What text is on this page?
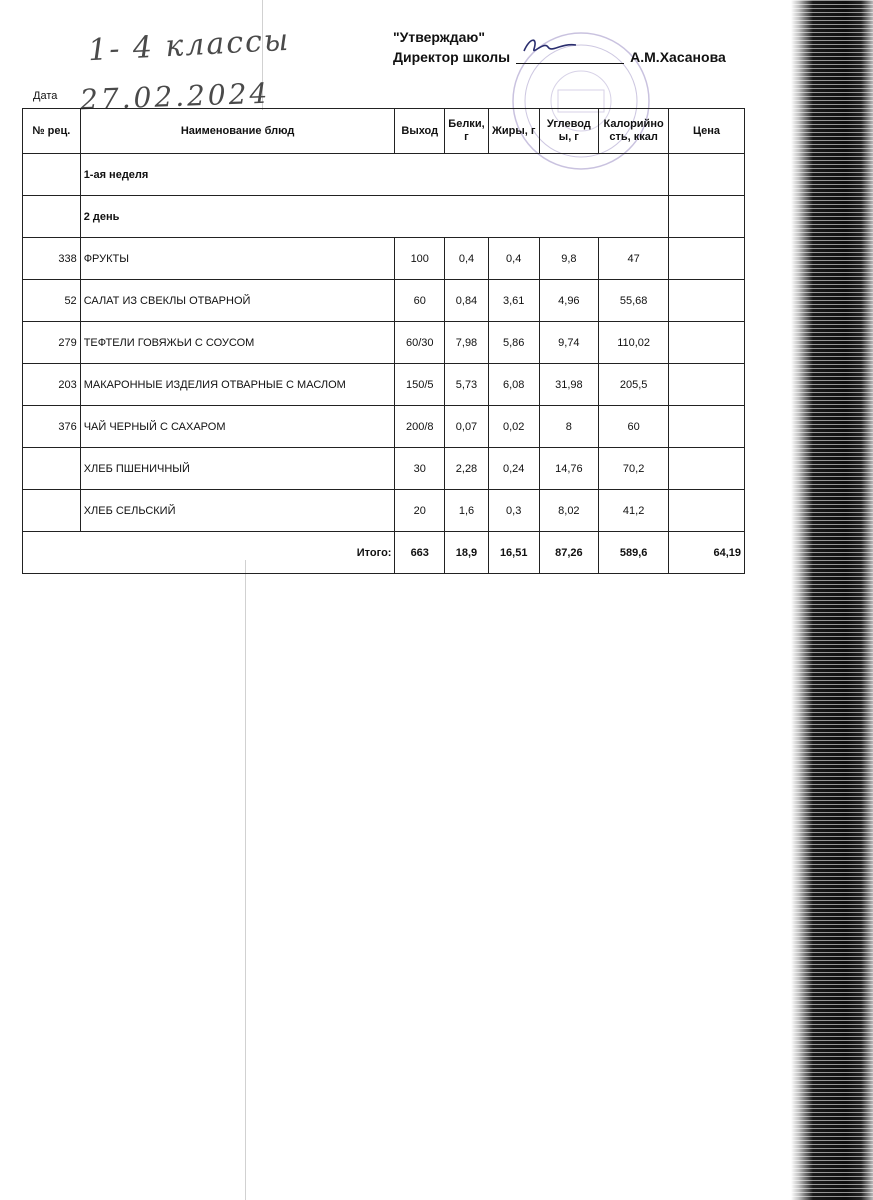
1- 4 классы
27.02.2024
"Утверждаю"
Директор школы	А.М.Хасанова
Дата
№ рец.	Наименование блюд	Выход	Белки, г	Жиры, г	Углевод ы, г	Калорийно сть, ккал	Цена
	1-ая неделя						
	2 день						
338	ФРУКТЫ	100	0,4	0,4	9,8	47	
52	САЛАТ ИЗ СВЕКЛЫ ОТВАРНОЙ	60	0,84	3,61	4,96	55,68	
279	ТЕФТЕЛИ ГОВЯЖЬИ С СОУСОМ	60/30	7,98	5,86	9,74	110,02	
203	МАКАРОННЫЕ ИЗДЕЛИЯ ОТВАРНЫЕ С МАСЛОМ	150/5	5,73	6,08	31,98	205,5	
376	ЧАЙ ЧЕРНЫЙ С САХАРОМ	200/8	0,07	0,02	8	60	
	ХЛЕБ ПШЕНИЧНЫЙ	30	2,28	0,24	14,76	70,2	
	ХЛЕБ СЕЛЬСКИЙ	20	1,6	0,3	8,02	41,2	
Итого:		663	18,9	16,51	87,26	589,6	64,19
